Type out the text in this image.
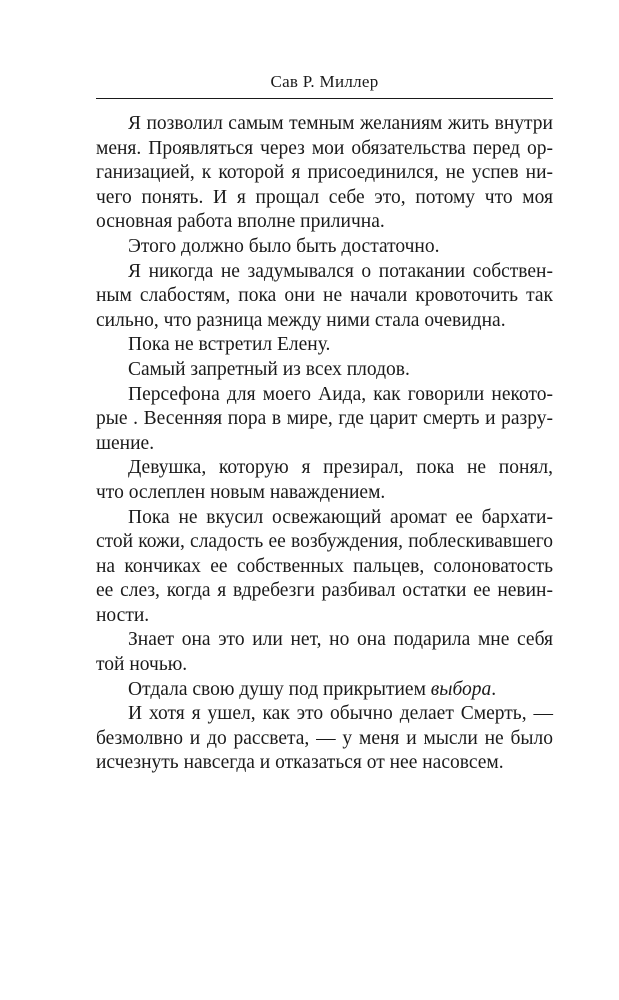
Сав Р. Миллер

Я позволил самым темным желаниям жить внутри
меня. Проявляться через мои обязательства перед ор-
ганизацией, к которой я присоединился, не успев ни-
чего понять. И я прощал себе это, потому что моя
основная работа вполне прилична.

Этого должно было быть достаточно.

Я никогда не задумывался о потакании собствен-
ным слабостям, пока они не начали кровоточить так
сильно, что разница между ними стала очевидна.

Пока не встретил Елену.

Самый запретный из всех плодов.

Персефона для моего Аида, как говорили некото-
рые . Весенняя пора в мире, где царит смерть и разру-
шение.

Девушка, которую я презирал, пока не понял,
что ослеплен новым наваждением.

Пока не вкусил освежающий аромат ее бархати-
стой кожи, сладость ее возбуждения, поблескивавшего
на кончиках ее собственных пальцев, солоноватость
ее слез, когда я вдребезги разбивал остатки ее невин-
ности.

Знает она это или нет, но она подарила мне себя
той ночью.

Отдала свою душу под прикрытием выбора.

И хотя я ушел, как это обычно делает Смерть, —
безмолвно и до рассвета, — у меня и мысли не было
исчезнуть навсегда и отказаться от нее насовсем.
